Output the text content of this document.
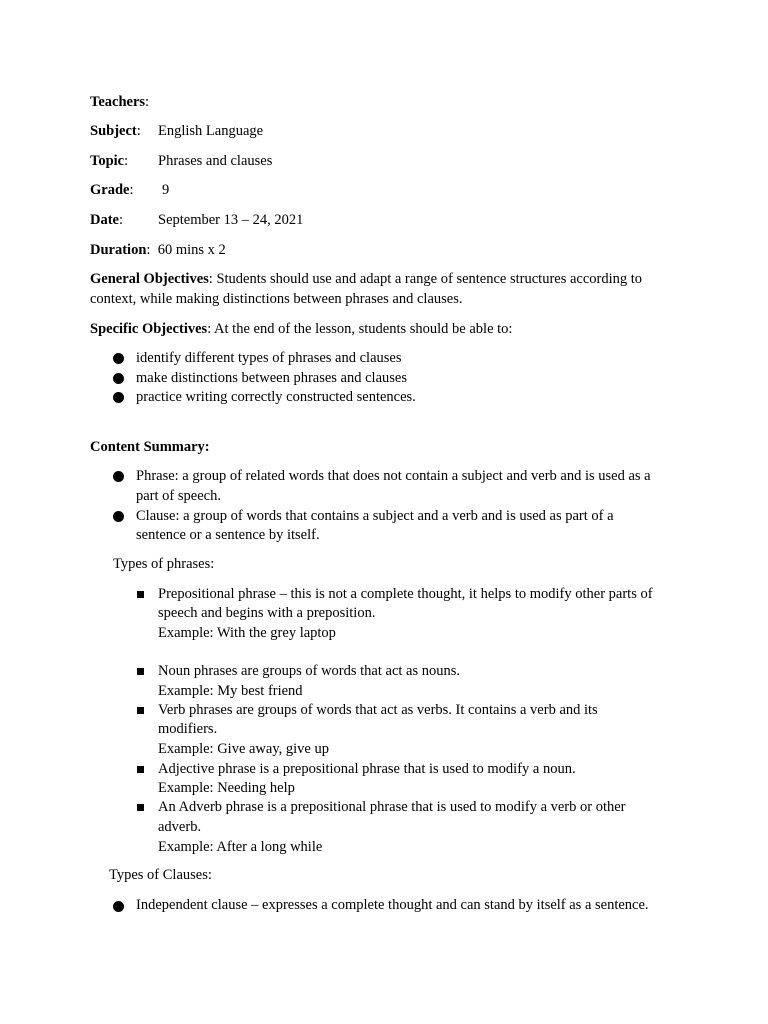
Teachers:
Subject: English Language
Topic: Phrases and clauses
Grade: 9
Date: September 13 – 24, 2021
Duration:  60 mins x 2
General Objectives: Students should use and adapt a range of sentence structures according to
context, while making distinctions between phrases and clauses.
Specific Objectives: At the end of the lesson, students should be able to:
identify different types of phrases and clauses
make distinctions between phrases and clauses
practice writing correctly constructed sentences.
Content Summary:
Phrase: a group of related words that does not contain a subject and verb and is used as a
part of speech.
Clause: a group of words that contains a subject and a verb and is used as part of a
sentence or a sentence by itself.
Types of phrases:
Prepositional phrase – this is not a complete thought, it helps to modify other parts of
speech and begins with a preposition.
Example: With the grey laptop
Noun phrases are groups of words that act as nouns.
Example: My best friend
Verb phrases are groups of words that act as verbs. It contains a verb and its
modifiers.
Example: Give away, give up
Adjective phrase is a prepositional phrase that is used to modify a noun.
Example: Needing help
An Adverb phrase is a prepositional phrase that is used to modify a verb or other
adverb.
Example: After a long while
Types of Clauses:
Independent clause – expresses a complete thought and can stand by itself as a sentence.
